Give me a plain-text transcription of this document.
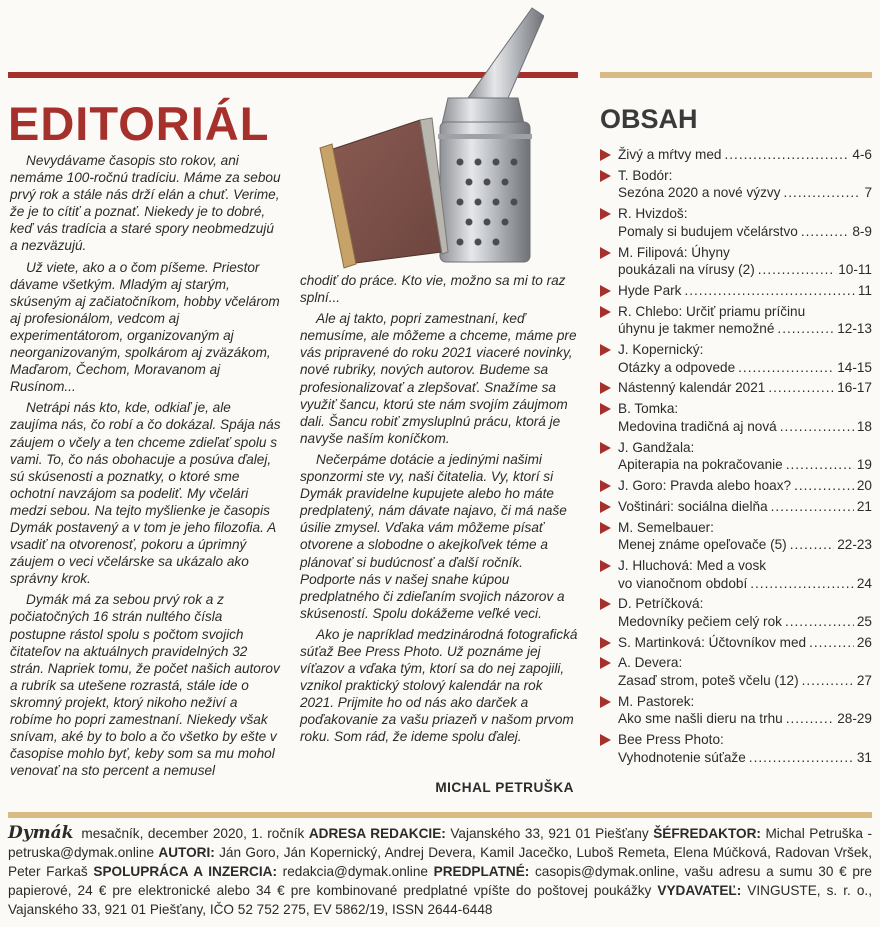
EDITORIÁL	OBSAH

Nevydávame časopis sto rokov, ani nemáme 100-ročnú tradíciu. Máme za sebou prvý rok a stále nás drží elán a chuť. Verime, že je to cítiť a poznať. Niekedy je to dobré, keď vás tradícia a staré spory neobmedzujú a nezväzujú.

Už viete, ako a o čom píšeme. Priestor dávame všetkým. Mladým aj starým, skúseným aj začiatočníkom, hobby včelárom aj profesionálom, vedcom aj experimentátorom, organizovaným aj neorganizovaným, spolkárom aj zväzákom, Maďarom, Čechom, Moravanom aj Rusínom...

Netrápi nás kto, kde, odkiaľ je, ale zaujíma nás, čo robí a čo dokázal. Spája nás záujem o včely a ten chceme zdieľať spolu s vami. To, čo nás obohacuje a posúva ďalej, sú skúsenosti a poznatky, o ktoré sme ochotní navzájom sa podeliť. My včelári medzi sebou. Na tejto myšlienke je časopis Dymák postavený a v tom je jeho filozofia. A vsadiť na otvorenosť, pokoru a úprimný záujem o veci včelárske sa ukázalo ako správny krok.

Dymák má za sebou prvý rok a z počiatočných 16 strán nultého čísla postupne rástol spolu s počtom svojich čitateľov na aktuálnych pravidelných 32 strán. Napriek tomu, že počet našich autorov a rubrík sa utešene rozrastá, stále ide o skromný projekt, ktorý nikoho neživí a robíme ho popri zamestnaní. Niekedy však snívam, aké by to bolo a čo všetko by ešte v časopise mohlo byť, keby som sa mu mohol venovať na sto percent a nemusel

chodiť do práce. Kto vie, možno sa mi to raz splní...

Ale aj takto, popri zamestnaní, keď nemusíme, ale môžeme a chceme, máme pre vás pripravené do roku 2021 viaceré novinky, nové rubriky, nových autorov. Budeme sa profesionalizovať a zlepšovať. Snažíme sa využiť šancu, ktorú ste nám svojím záujmom dali. Šancu robiť zmysluplnú prácu, ktorá je navyše naším koníčkom.

Nečerpáme dotácie a jedinými našimi sponzormi ste vy, naši čitatelia. Vy, ktorí si Dymák pravidelne kupujete alebo ho máte predplatený, nám dávate najavo, či má naše úsilie zmysel. Vďaka vám môžeme písať otvorene a slobodne o akejkoľvek téme a plánovať si budúcnosť a ďalší ročník. Podporte nás v našej snahe kúpou predplatného či zdieľaním svojich názorov a skúseností. Spolu dokážeme veľké veci.

Ako je napríklad medzinárodná fotografická súťaž Bee Press Photo. Už poznáme jej víťazov a vďaka tým, ktorí sa do nej zapojili, vznikol praktický stolový kalendár na rok 2021. Prijmite ho od nás ako darček a poďakovanie za vašu priazeň v našom prvom roku. Som rád, že ideme spolu ďalej.

MICHAL PETRUŠKA
Živý a mŕtvy med .....	4-6
T. Bodór:
Sezóna 2020 a nové výzvy .....	7
R. Hvizdoš:
Pomaly si budujem včelárstvo .....	8-9
M. Filipová: Úhyny
poukázali na vírusy (2) .....	10-11
Hyde Park .....	11
R. Chlebo: Určiť priamu príčinu
úhynu je takmer nemožné .....	12-13
J. Kopernický:
Otázky a odpovede .....	14-15
Nástenný kalendár 2021 .....	16-17
B. Tomka:
Medovina tradičná aj nová .....	18
J. Gandžala:
Apiterapia na pokračovanie .....	19
J. Goro: Pravda alebo hoax? .....	20
Voštinári: sociálna dielňa .....	21
M. Semelbauer:
Menej známe opeľovače (5) .....	22-23
J. Hluchová: Med a vosk
vo vianočnom období .....	24
D. Petríčková:
Medovníky pečiem celý rok .....	25
S. Martinková: Účtovníkov med .....	26
A. Devera:
Zasaď strom, poteš včelu (12) .....	27
M. Pastorek:
Ako sme našli dieru na trhu .....	28-29
Bee Press Photo:
Vyhodnotenie súťaže .....	31
Dymák mesačník, december 2020, 1. ročník ADRESA REDAKCIE: Vajanského 33, 921 01 Piešťany ŠÉFREDAKTOR: Michal Petruška - petruska@dymak.online AUTORI: Ján Goro, Ján Kopernický, Andrej Devera, Kamil Jacečko, Luboš Remeta, Elena Múčková, Radovan Vršek, Peter Farkaš SPOLUPRÁCA A INZERCIA: redakcia@dymak.online PREDPLATNÉ: casopis@dymak.online, vašu adresu a sumu 30 € pre papierové, 24 € pre elektronické alebo 34 € pre kombinované predplatné vpíšte do poštovej poukážky VYDAVATEĽ: VINGUSTE, s. r. o., Vajanského 33, 921 01 Piešťany, IČO 52 752 275, EV 5862/19, ISSN 2644-6448
